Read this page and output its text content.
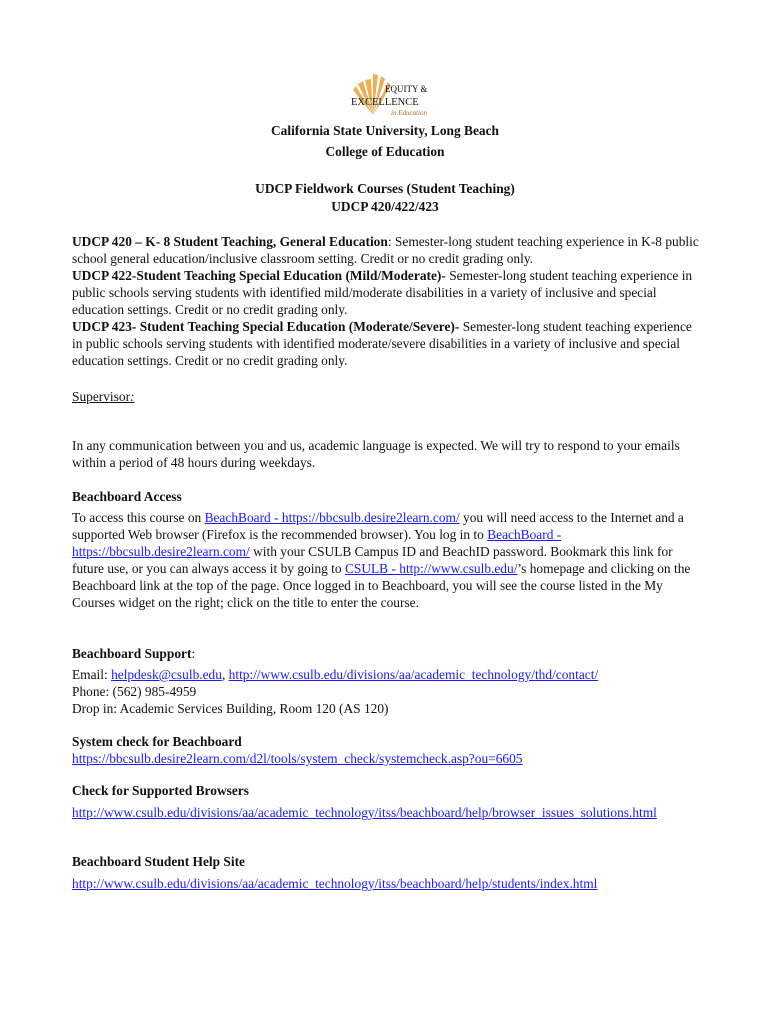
EQUITY &
EXCELLENCE
in Education
California State University, Long Beach
College of Education
UDCP Fieldwork Courses (Student Teaching)
UDCP 420/422/423
UDCP 420 – K- 8 Student Teaching, General Education: Semester-long student teaching experience in K-8 public school general education/inclusive classroom setting. Credit or no credit grading only.
UDCP 422-Student Teaching Special Education (Mild/Moderate)- Semester-long student teaching experience in public schools serving students with identified mild/moderate disabilities in a variety of inclusive and special education settings. Credit or no credit grading only.
UDCP 423- Student Teaching Special Education (Moderate/Severe)- Semester-long student teaching experience in public schools serving students with identified moderate/severe disabilities in a variety of inclusive and special education settings. Credit or no credit grading only.
Supervisor:
In any communication between you and us, academic language is expected. We will try to respond to your emails within a period of 48 hours during weekdays.
Beachboard Access
To access this course on BeachBoard - https://bbcsulb.desire2learn.com/ you will need access to the Internet and a supported Web browser (Firefox is the recommended browser). You log in to BeachBoard - https://bbcsulb.desire2learn.com/ with your CSULB Campus ID and BeachID password. Bookmark this link for future use, or you can always access it by going to CSULB - http://www.csulb.edu/’s homepage and clicking on the Beachboard link at the top of the page. Once logged in to Beachboard, you will see the course listed in the My Courses widget on the right; click on the title to enter the course.
Beachboard Support:
Email: helpdesk@csulb.edu, http://www.csulb.edu/divisions/aa/academic_technology/thd/contact/
Phone: (562) 985-4959
Drop in: Academic Services Building, Room 120 (AS 120)
System check for Beachboard
https://bbcsulb.desire2learn.com/d2l/tools/system_check/systemcheck.asp?ou=6605
Check for Supported Browsers
http://www.csulb.edu/divisions/aa/academic_technology/itss/beachboard/help/browser_issues_solutions.html
Beachboard Student Help Site
http://www.csulb.edu/divisions/aa/academic_technology/itss/beachboard/help/students/index.html
